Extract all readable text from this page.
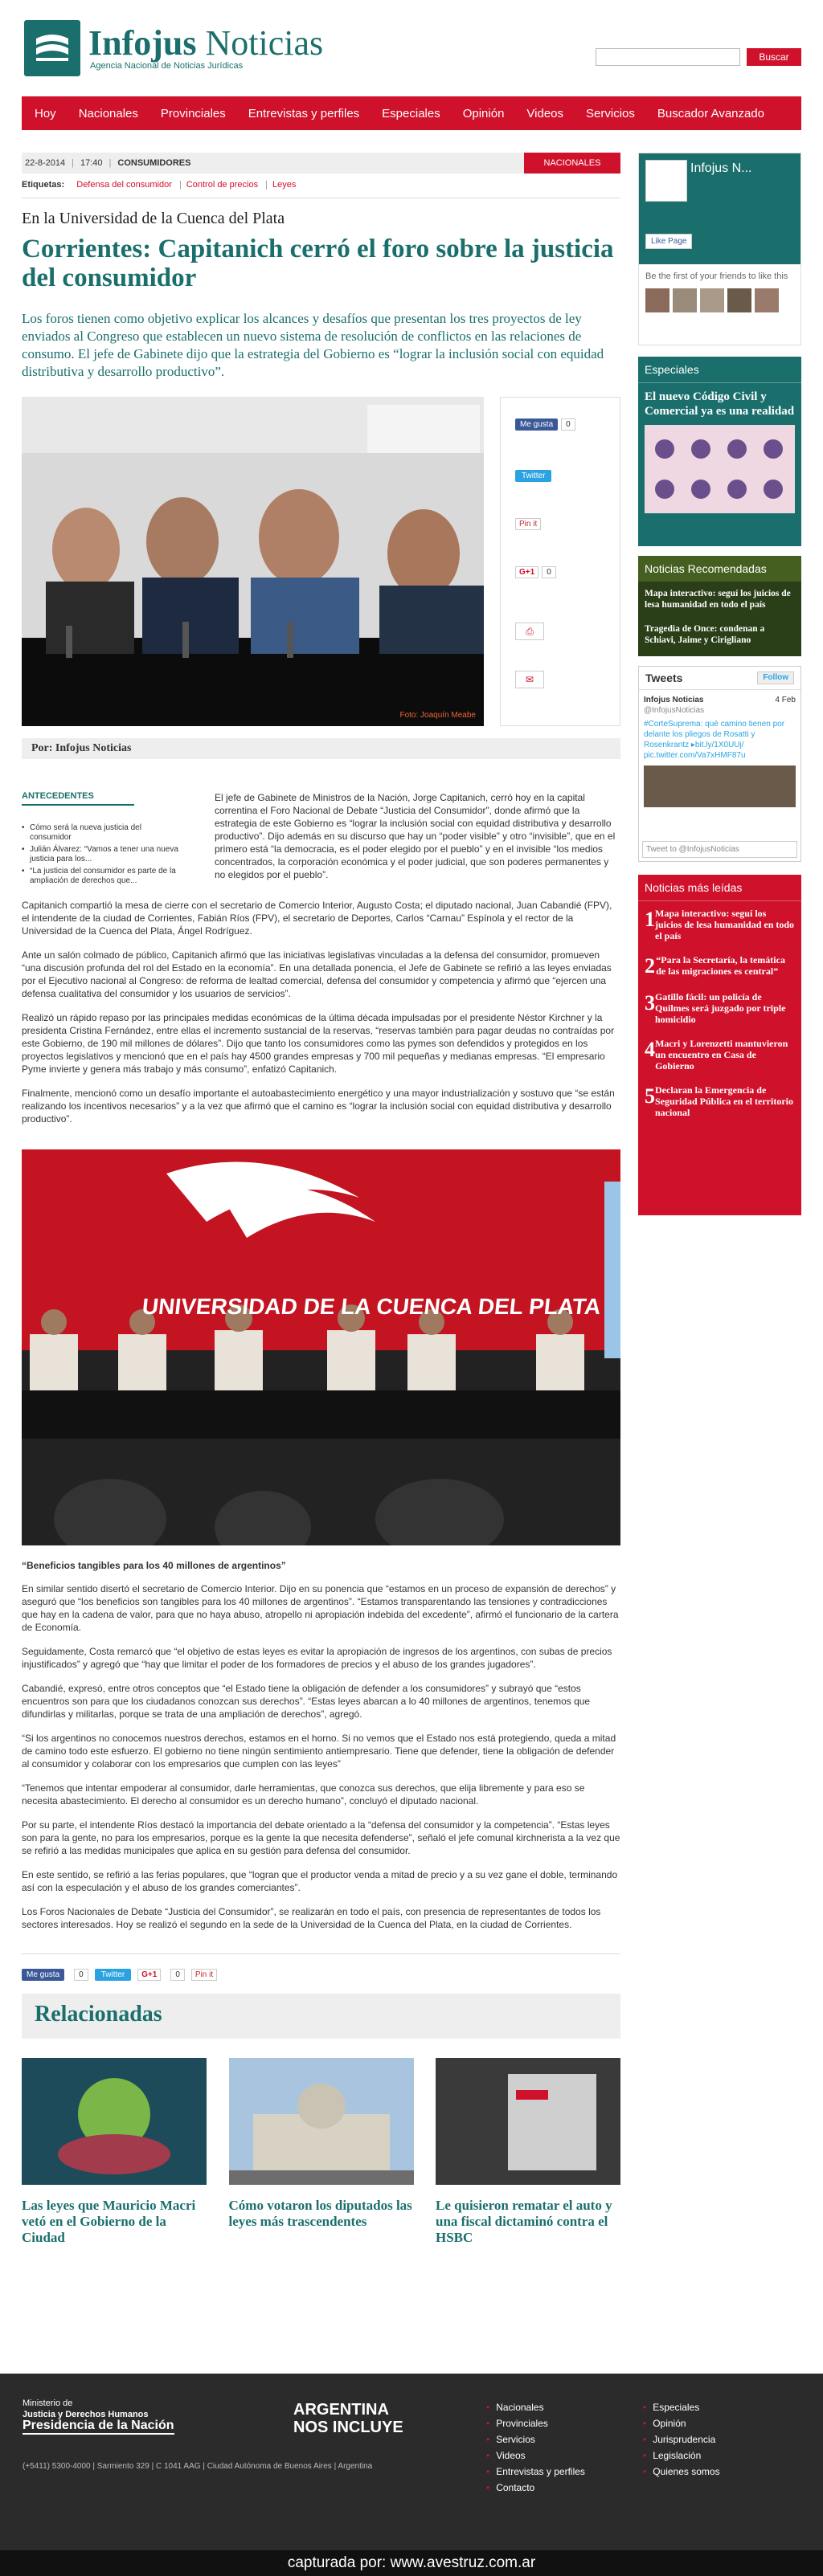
Infojus Noticias
Agencia Nacional de Noticias Jurídicas
Buscar
Hoy	Nacionales	Provinciales	Entrevistas y perfiles	Especiales	Opinión	Videos	Servicios	Buscador Avanzado
22-8-2014 | 17:40 | CONSUMIDORES	NACIONALES
Etiquetas: Defensa del consumidor | Control de precios | Leyes
En la Universidad de la Cuenca del Plata
Corrientes: Capitanich cerró el foro sobre la justicia del consumidor
Los foros tienen como objetivo explicar los alcances y desafíos que presentan los tres proyectos de ley enviados al Congreso que establecen un nuevo sistema de resolución de conflictos en las relaciones de consumo. El jefe de Gabinete dijo que la estrategia del Gobierno es “lograr la inclusión social con equidad distributiva y desarrollo productivo”.
Foto: Joaquín Meabe
Me gusta	0
Twitter
Pin it
G+1	0
⎙
✉
Por: Infojus Noticias
ANTECEDENTES
• Cómo será la nueva justicia del consumidor
• Julián Álvarez: “Vamos a tener una nueva justicia para los...
• “La justicia del consumidor es parte de la ampliación de derechos que...
El jefe de Gabinete de Ministros de la Nación, Jorge Capitanich, cerró hoy en la capital correntina el Foro Nacional de Debate “Justicia del Consumidor”, donde afirmó que la estrategia de este Gobierno es “lograr la inclusión social con equidad distributiva y desarrollo productivo”. Dijo además en su discurso que hay un “poder visible” y otro “invisible”, que en el primero está “la democracia, es el poder elegido por el pueblo” y en el invisible “los medios concentrados, la corporación económica y el poder judicial, que son poderes permanentes y no elegidos por el pueblo”.

Capitanich compartió la mesa de cierre con el secretario de Comercio Interior, Augusto Costa; el diputado nacional, Juan Cabandié (FPV), el intendente de la ciudad de Corrientes, Fabián Ríos (FPV), el secretario de Deportes, Carlos “Carnau” Espínola y el rector de la Universidad de la Cuenca del Plata, Ángel Rodríguez.

Ante un salón colmado de público, Capitanich afirmó que las iniciativas legislativas vinculadas a la defensa del consumidor, promueven “una discusión profunda del rol del Estado en la economía”. En una detallada ponencia, el Jefe de Gabinete se refirió a las leyes enviadas por el Ejecutivo nacional al Congreso: de reforma de lealtad comercial, defensa del consumidor y competencia y afirmó que “ejercen una defensa cualitativa del consumidor y los usuarios de servicios”.

Realizó un rápido repaso por las principales medidas económicas de la última década impulsadas por el presidente Néstor Kirchner y la presidenta Cristina Fernández, entre ellas el incremento sustancial de la reservas, “reservas también para pagar deudas no contraídas por este Gobierno, de 190 mil millones de dólares”. Dijo que tanto los consumidores como las pymes son defendidos y protegidos en los proyectos legislativos y mencionó que en el país hay 4500 grandes empresas y 700 mil pequeñas y medianas empresas. “El empresario Pyme invierte y genera más trabajo y más consumo”, enfatizó Capitanich.

Finalmente, mencionó como un desafío importante el autoabastecimiento energético y una mayor industrialización y sostuvo que “se están realizando los incentivos necesarios” y a la vez que afirmó que el camino es “lograr la inclusión social con equidad distributiva y desarrollo productivo”.

UNIVERSIDAD DE LA CUENCA DEL PLATA
“Beneficios tangibles para los 40 millones de argentinos”

En similar sentido disertó el secretario de Comercio Interior. Dijo en su ponencia que “estamos en un proceso de expansión de derechos” y aseguró que “los beneficios son tangibles para los 40 millones de argentinos”. “Estamos transparentando las tensiones y contradicciones que hay en la cadena de valor, para que no haya abuso, atropello ni apropiación indebida del excedente”, afirmó el funcionario de la cartera de Economía.

Seguidamente, Costa remarcó que “el objetivo de estas leyes es evitar la apropiación de ingresos de los argentinos, con subas de precios injustificados” y agregó que “hay que limitar el poder de los formadores de precios y el abuso de los grandes jugadores”.

Cabandié, expresó, entre otros conceptos que “el Estado tiene la obligación de defender a los consumidores” y subrayó que “estos encuentros son para que los ciudadanos conozcan sus derechos”. “Estas leyes abarcan a lo 40 millones de argentinos, tenemos que difundirlas y militarlas, porque se trata de una ampliación de derechos”, agregó.

“Si los argentinos no conocemos nuestros derechos, estamos en el horno. Si no vemos que el Estado nos está protegiendo, queda a mitad de camino todo este esfuerzo. El gobierno no tiene ningún sentimiento antiempresario. Tiene que defender, tiene la obligación de defender al consumidor y colaborar con los empresarios que cumplen con las leyes”

“Tenemos que intentar empoderar al consumidor, darle herramientas, que conozca sus derechos, que elija libremente y para eso se necesita abastecimiento. El derecho al consumidor es un derecho humano”, concluyó el diputado nacional.

Por su parte, el intendente Ríos destacó la importancia del debate orientado a la “defensa del consumidor y la competencia”. “Estas leyes son para la gente, no para los empresarios, porque es la gente la que necesita defenderse”, señaló el jefe comunal kirchnerista a la vez que se refirió a las medidas municipales que aplica en su gestión para defensa del consumidor.

En este sentido, se refirió a las ferias populares, que “logran que el productor venda a mitad de precio y a su vez gane el doble, terminando así con la especulación y el abuso de los grandes comerciantes”.

Los Foros Nacionales de Debate “Justicia del Consumidor”, se realizarán en todo el país, con presencia de representantes de todos los sectores interesados. Hoy se realizó el segundo en la sede de la Universidad de la Cuenca del Plata, en la ciudad de Corrientes.

Me gusta	0	Twitter	G+1	0	Pin it
Relacionadas
Las leyes que Mauricio Macri vetó en el Gobierno de la Ciudad
Cómo votaron los diputados las leyes más trascendentes
Le quisieron rematar el auto y una fiscal dictaminó contra el HSBC
Infojus N...
Like Page
Be the first of your friends to like this
Especiales
El nuevo Código Civil y Comercial ya es una realidad
Noticias Recomendadas
Mapa interactivo: seguí los juicios de lesa humanidad en todo el país
Tragedia de Once: condenan a Schiavi, Jaime y Cirigliano
Tweets	Follow
Infojus Noticias	4 Feb
@InfojusNoticias
#CorteSuprema: qué camino tienen por delante los pliegos de Rosatti y Rosenkrantz ▸bit.ly/1X0UUj/ pic.twitter.com/Va7xHMF87u
Tweet to @InfojusNoticias
Noticias más leídas
1 Mapa interactivo: seguí los juicios de lesa humanidad en todo el país
2 “Para la Secretaría, la temática de las migraciones es central”
3 Gatillo fácil: un policía de Quilmes será juzgado por triple homicidio
4 Macri y Lorenzetti mantuvieron un encuentro en Casa de Gobierno
5 Declaran la Emergencia de Seguridad Pública en el territorio nacional
Ministerio de
Justicia y Derechos Humanos
Presidencia de la Nación
ARGENTINA
NOS INCLUYE
(+5411) 5300-4000 | Sarmiento 329 | C 1041 AAG | Ciudad Autónoma de Buenos Aires | Argentina
• Nacionales
• Provinciales
• Servicios
• Videos
• Entrevistas y perfiles
• Contacto
• Especiales
• Opinión
• Jurisprudencia
• Legislación
• Quienes somos
capturada por: www.avestruz.com.ar
